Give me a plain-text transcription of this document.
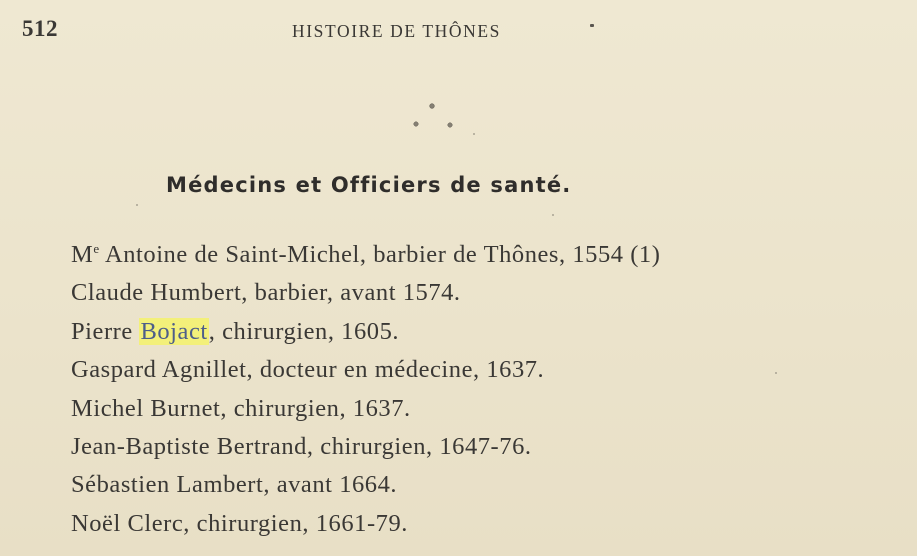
512	HISTOIRE DE THÔNES
Médecins et Officiers de santé.
Me Antoine de Saint-Michel, barbier de Thônes, 1554 (1)
Claude Humbert, barbier, avant 1574.
Pierre Bojact, chirurgien, 1605.
Gaspard Agnillet, docteur en médecine, 1637.
Michel Burnet, chirurgien, 1637.
Jean-Baptiste Bertrand, chirurgien, 1647-76.
Sébastien Lambert, avant 1664.
Noël Clerc, chirurgien, 1661-79.
